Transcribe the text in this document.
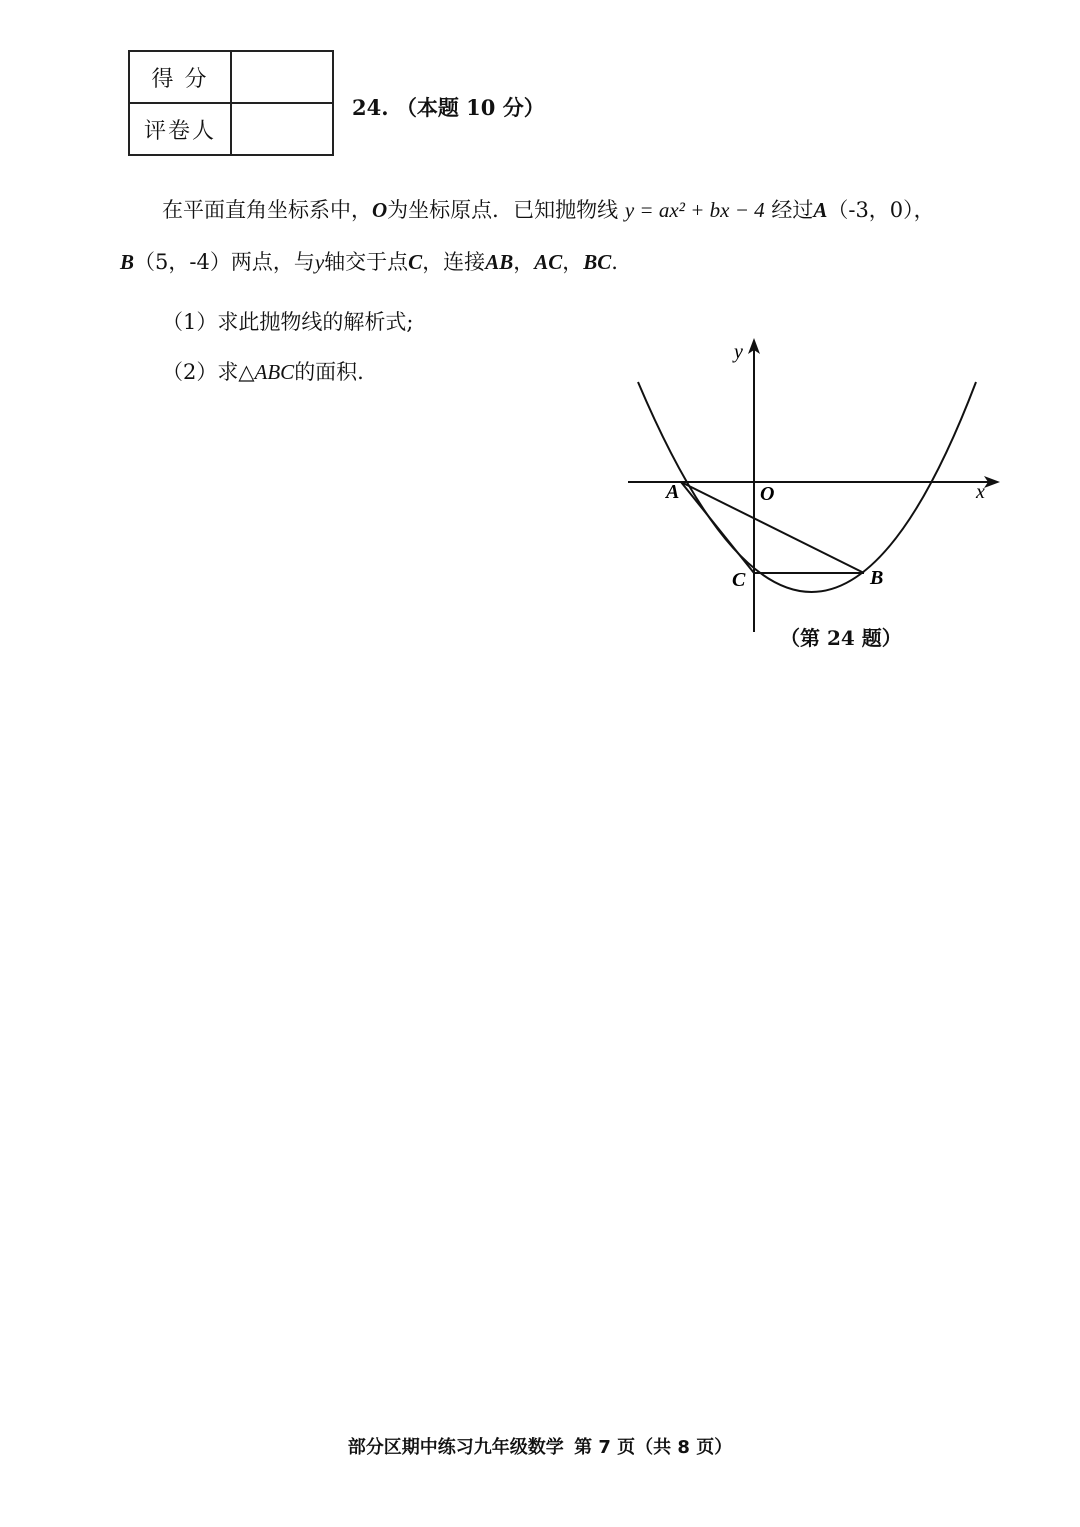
得 分	
评卷人	
24. （本题 10 分）
在平面直角坐标系中，O为坐标原点．已知抛物线 y = ax² + bx − 4 经过A（-3，0），
B（5，-4）两点，与y轴交于点C，连接AB，AC，BC.
（1）求此抛物线的解析式;
（2）求△ABC的面积.
y
x
O
A
B
C
（第 24 题）
部分区期中练习九年级数学 第 7 页（共 8 页）
